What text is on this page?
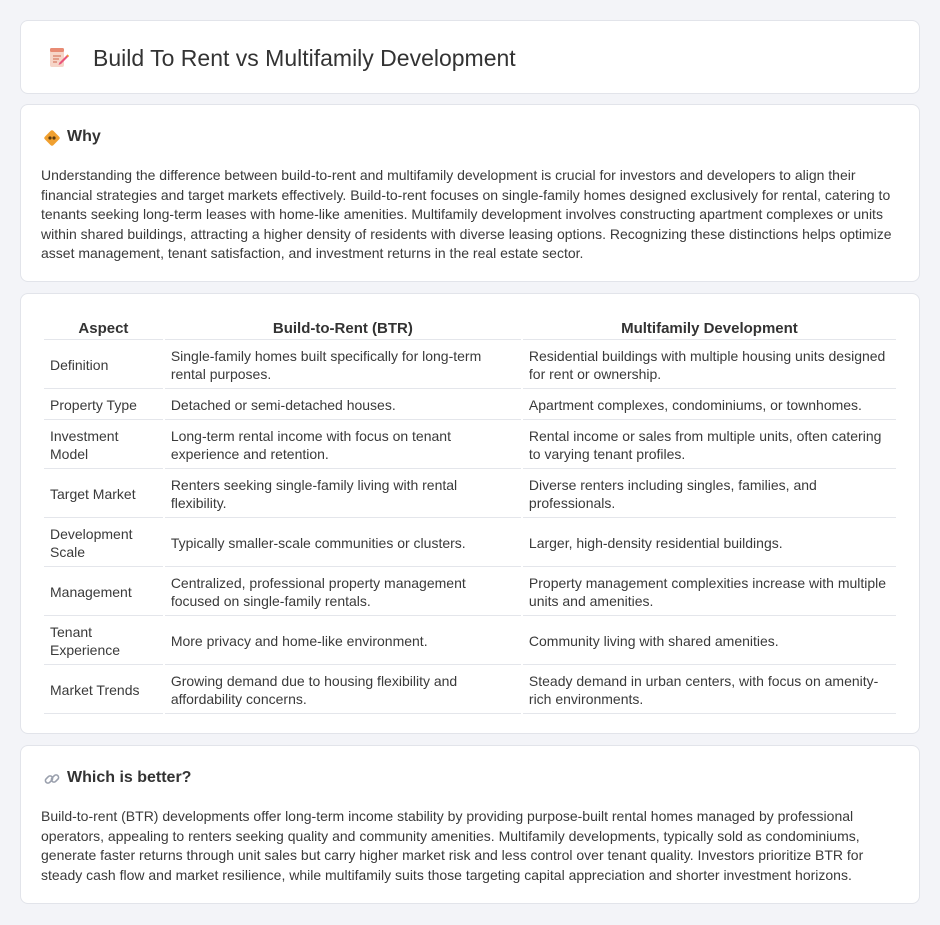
Build To Rent vs Multifamily Development
Why

Understanding the difference between build-to-rent and multifamily development is crucial for investors and developers to align their financial strategies and target markets effectively. Build-to-rent focuses on single-family homes designed exclusively for rental, catering to tenants seeking long-term leases with home-like amenities. Multifamily development involves constructing apartment complexes or units within shared buildings, attracting a higher density of residents with diverse leasing options. Recognizing these distinctions helps optimize asset management, tenant satisfaction, and investment returns in the real estate sector.

Aspect	Build-to-Rent (BTR)	Multifamily Development
Definition	Single-family homes built specifically for long-term rental purposes.	Residential buildings with multiple housing units designed for rent or ownership.
Property Type	Detached or semi-detached houses.	Apartment complexes, condominiums, or townhomes.
Investment Model	Long-term rental income with focus on tenant experience and retention.	Rental income or sales from multiple units, often catering to varying tenant profiles.
Target Market	Renters seeking single-family living with rental flexibility.	Diverse renters including singles, families, and professionals.
Development Scale	Typically smaller-scale communities or clusters.	Larger, high-density residential buildings.
Management	Centralized, professional property management focused on single-family rentals.	Property management complexities increase with multiple units and amenities.
Tenant Experience	More privacy and home-like environment.	Community living with shared amenities.
Market Trends	Growing demand due to housing flexibility and affordability concerns.	Steady demand in urban centers, with focus on amenity-rich environments.
Which is better?

Build-to-rent (BTR) developments offer long-term income stability by providing purpose-built rental homes managed by professional operators, appealing to renters seeking quality and community amenities. Multifamily developments, typically sold as condominiums, generate faster returns through unit sales but carry higher market risk and less control over tenant quality. Investors prioritize BTR for steady cash flow and market resilience, while multifamily suits those targeting capital appreciation and shorter investment horizons.
